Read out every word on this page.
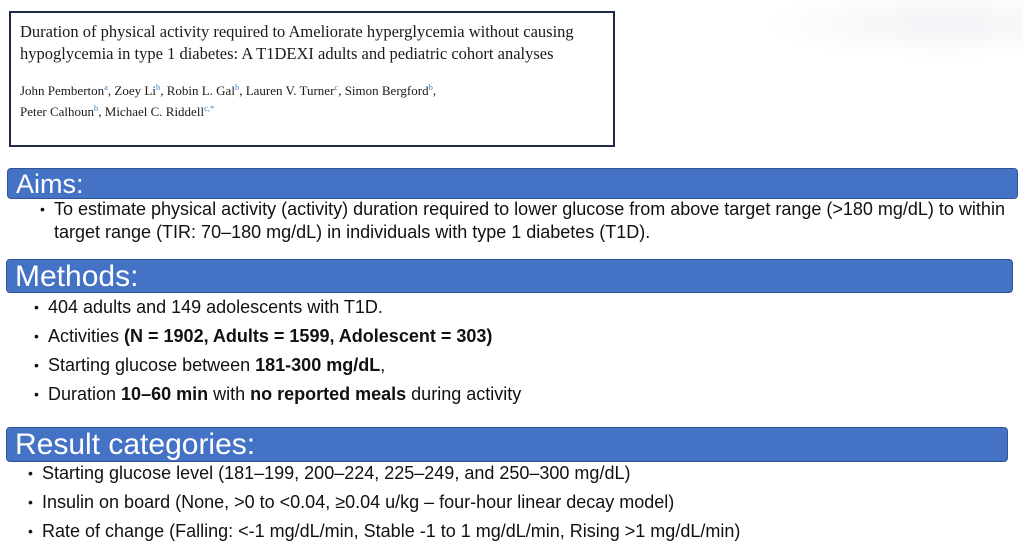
Duration of physical activity required to Ameliorate hyperglycemia without causing hypoglycemia in type 1 diabetes: A T1DEXI adults and pediatric cohort analyses

John Pemberton$^a$, Zoey Li$^b$, Robin L. Gal$^b$, Lauren V. Turner$^c$, Simon Bergford$^b$,
Peter Calhoun$^b$, Michael C. Riddell$^{c,*}$
Aims:
• To estimate physical activity (activity) duration required to lower glucose from above target range (>180 mg/dL) to within target range (TIR: 70–180 mg/dL) in individuals with type 1 diabetes (T1D).
Methods:
• 404 adults and 149 adolescents with T1D.
• Activities (N = 1902, Adults = 1599, Adolescent = 303)
• Starting glucose between 181-300 mg/dL,
• Duration 10–60 min with no reported meals during activity
Result categories:
• Starting glucose level (181–199, 200–224, 225–249, and 250–300 mg/dL)
• Insulin on board (None, >0 to <0.04, ≥0.04 u/kg – four-hour linear decay model)
• Rate of change (Falling: <-1 mg/dL/min, Stable -1 to 1 mg/dL/min, Rising >1 mg/dL/min)
